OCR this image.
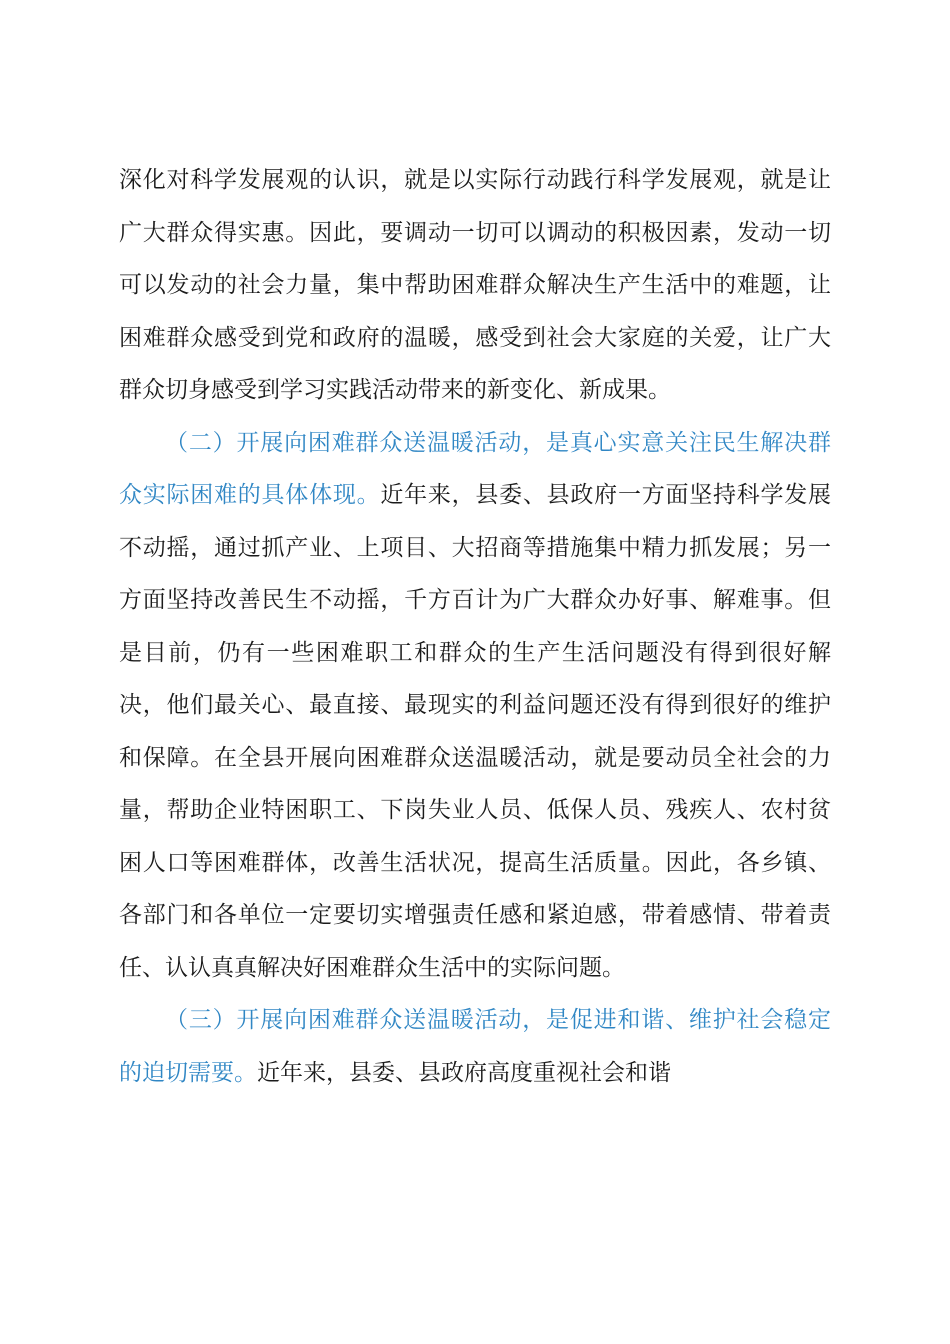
深化对科学发展观的认识，就是以实际行动践行科学发展观，就是让广大群众得实惠。因此，要调动一切可以调动的积极因素，发动一切可以发动的社会力量，集中帮助困难群众解决生产生活中的难题，让困难群众感受到党和政府的温暖，感受到社会大家庭的关爱，让广大群众切身感受到学习实践活动带来的新变化、新成果。

（二）开展向困难群众送温暖活动，是真心实意关注民生解决群众实际困难的具体体现。近年来，县委、县政府一方面坚持科学发展不动摇，通过抓产业、上项目、大招商等措施集中精力抓发展；另一方面坚持改善民生不动摇，千方百计为广大群众办好事、解难事。但是目前，仍有一些困难职工和群众的生产生活问题没有得到很好解决，他们最关心、最直接、最现实的利益问题还没有得到很好的维护和保障。在全县开展向困难群众送温暖活动，就是要动员全社会的力量，帮助企业特困职工、下岗失业人员、低保人员、残疾人、农村贫困人口等困难群体，改善生活状况，提高生活质量。因此，各乡镇、各部门和各单位一定要切实增强责任感和紧迫感，带着感情、带着责任、认认真真解决好困难群众生活中的实际问题。

（三）开展向困难群众送温暖活动，是促进和谐、维护社会稳定的迫切需要。近年来，县委、县政府高度重视社会和谐
